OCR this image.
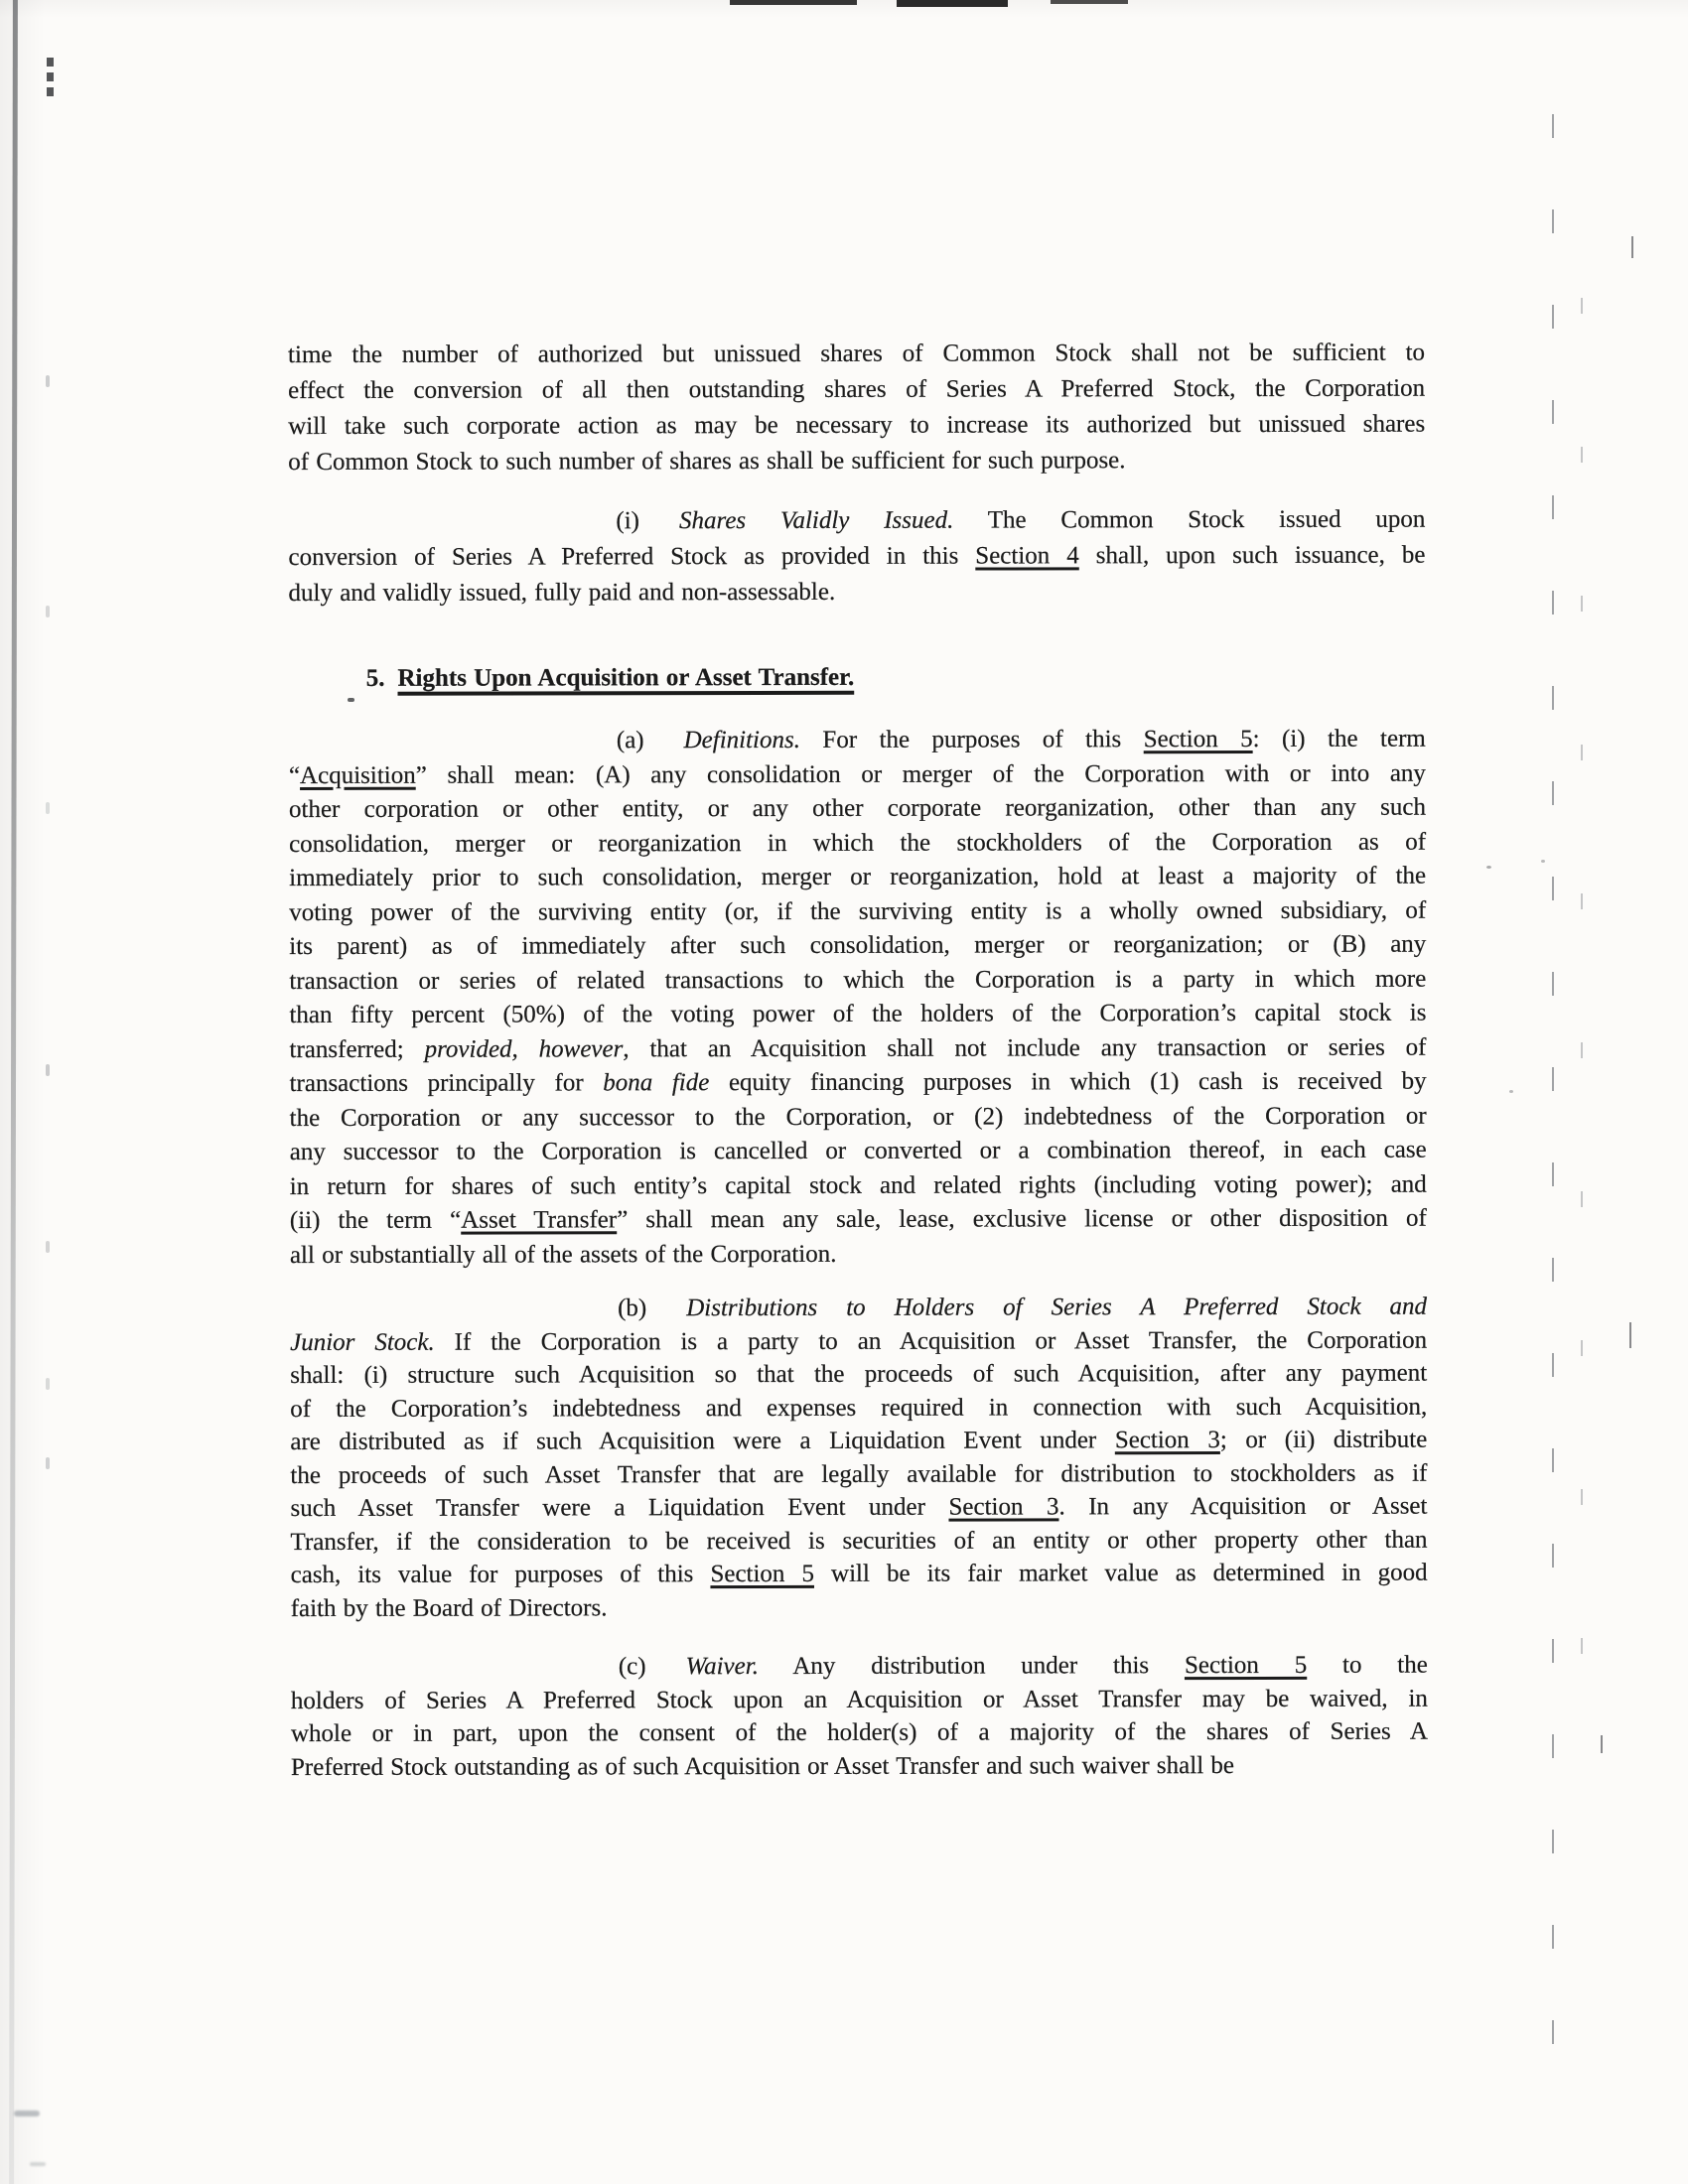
time the number of authorized but unissued shares of Common Stock shall not be sufficient to
effect the conversion of all then outstanding shares of Series A Preferred Stock, the Corporation
will take such corporate action as may be necessary to increase its authorized but unissued shares
of Common Stock to such number of shares as shall be sufficient for such purpose.
(i) Shares Validly Issued. The Common Stock issued upon
conversion of Series A Preferred Stock as provided in this Section 4 shall, upon such issuance, be
duly and validly issued, fully paid and non-assessable.
5. Rights Upon Acquisition or Asset Transfer.
(a) Definitions. For the purposes of this Section 5: (i) the term
“Acquisition” shall mean: (A) any consolidation or merger of the Corporation with or into any
other corporation or other entity, or any other corporate reorganization, other than any such
consolidation, merger or reorganization in which the stockholders of the Corporation as of
immediately prior to such consolidation, merger or reorganization, hold at least a majority of the
voting power of the surviving entity (or, if the surviving entity is a wholly owned subsidiary, of
its parent) as of immediately after such consolidation, merger or reorganization; or (B) any
transaction or series of related transactions to which the Corporation is a party in which more
than fifty percent (50%) of the voting power of the holders of the Corporation’s capital stock is
transferred; provided, however, that an Acquisition shall not include any transaction or series of
transactions principally for bona fide equity financing purposes in which (1) cash is received by
the Corporation or any successor to the Corporation, or (2) indebtedness of the Corporation or
any successor to the Corporation is cancelled or converted or a combination thereof, in each case
in return for shares of such entity’s capital stock and related rights (including voting power); and
(ii) the term “Asset Transfer” shall mean any sale, lease, exclusive license or other disposition of
all or substantially all of the assets of the Corporation.
(b) Distributions to Holders of Series A Preferred Stock and
Junior Stock. If the Corporation is a party to an Acquisition or Asset Transfer, the Corporation
shall: (i) structure such Acquisition so that the proceeds of such Acquisition, after any payment
of the Corporation’s indebtedness and expenses required in connection with such Acquisition,
are distributed as if such Acquisition were a Liquidation Event under Section 3; or (ii) distribute
the proceeds of such Asset Transfer that are legally available for distribution to stockholders as if
such Asset Transfer were a Liquidation Event under Section 3. In any Acquisition or Asset
Transfer, if the consideration to be received is securities of an entity or other property other than
cash, its value for purposes of this Section 5 will be its fair market value as determined in good
faith by the Board of Directors.
(c) Waiver. Any distribution under this Section 5 to the
holders of Series A Preferred Stock upon an Acquisition or Asset Transfer may be waived, in
whole or in part, upon the consent of the holder(s) of a majority of the shares of Series A
Preferred Stock outstanding as of such Acquisition or Asset Transfer and such waiver shall be
